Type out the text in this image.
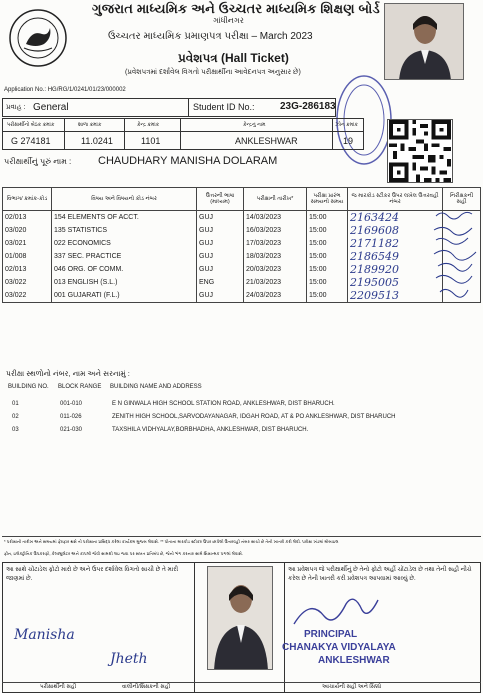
ગુજરાત માધ્યમિક અને ઉચ્ચતર માધ્યમિક શિક્ષણ બોર્ડ
ગાંધીનગર
ઉચ્ચતર માધ્યમિક પ્રમાણપત્ર પરીક્ષા – March 2023
પ્રવેશપત્ર (Hall Ticket)
(પ્રવેશપત્રમાં દર્શાવેલ વિગતો પરીક્ષાર્થીના આવેદનપત્ર અનુસાર છે)
Application No.: HG/RG/1/0241/01/23/000002
પ્રવાહ : General	Student ID No.:	23G-286183
પરીક્ષાર્થીનો બેઠક ક્રમાંક	શાળા ક્રમાંક	કેન્દ્ર ક્રમાંક	કેન્દ્રનું નામ	ઝોન ક્રમાંક
G 274181	11.0241	1101	ANKLESHWAR	19
પરીક્ષાર્થીનું પૂરું નામ : CHAUDHARY MANISHA DOLARAM
વિભાગ/ ક્રમાંક-કોડ	વિષય અને વિષયનો કોડ નંબર	ઉત્તરની ભાષા (માધ્યમ)	પરીક્ષાની તારીખ*	પરીક્ષા પ્રારંભ સમયનો સમય	જ મારકોડ સ્ટીકર ઉપર લખેલ ઉત્તરવહી નંબર	નિરીક્ષકની સહી
02/013	154 ELEMENTS OF ACCT.	GUJ	14/03/2023	15:00	2163424	
03/020	135 STATISTICS	GUJ	16/03/2023	15:00	2169608	
03/021	022 ECONOMICS	GUJ	17/03/2023	15:00	2171182	
01/008	337 SEC. PRACTICE	GUJ	18/03/2023	15:00	2186549	
02/013	046 ORG. OF COMM.	GUJ	20/03/2023	15:00	2189920	
03/022	013 ENGLISH (S.L.)	ENG	21/03/2023	15:00	2195005	
03/022	001 GUJARATI (F.L.)	GUJ	24/03/2023	15:00	2209513	
પરીક્ષા સ્થળોનો નંબર, નામ અને સરનામું :
BUILDING NO. BLOCK RANGE BUILDING NAME AND ADDRESS
01	001-010	E N GINWALA HIGH SCHOOL STATION ROAD, ANKLESHWAR, DIST BHARUCH.
02	011-026	ZENITH HIGH SCHOOL,SARVODAYANAGAR, IDGAH ROAD, AT & PO ANKLESHWAR, DIST BHARUCH
03	021-030	TAXSHILA VIDHYALAY,BORBHADHA, ANKLESHWAR, DIST BHARUCH.
* પરીક્ષાની તારીખ અને સમયમાં ફેરફાર થશે તો પરીક્ષાના પ્રસિદ્ધ કરેલા કાર્યક્રમ મુજબ લેવાશે. ** પોતાના મારકોડ સ્ટીકર ઉપર છાપેલો ઉત્તરવહી નંબર સાચો છે તેની ખાતરી કરી લેવી. પરીક્ષા ખંડમાં મોબાઇલ
ફોન, ઇલેક્ટ્રોનિક ઉપકરણો, કેલ્ક્યુલેટર અને કાપલી જેવી સામગ્રી લઇ જવા પર સખત પ્રતિબંધ છે, જેનો ભંગ કરનાર સામે શિક્ષાત્મક પગલાં લેવાશે.
આ સાથે ચોંટાડેલ ફોટો મારો છે અને ઉપર દર્શાવેલ વિગતો સાચી છે તે મારી જાણમાં છે.
આ પ્રવેશપત્ર જે પરીક્ષાર્થીનું છે તેનો ફોટો અહીં ચોંટાડેલ છે તથા તેની સહી નીચે કરેલ છે તેની ખાતરી કરી પ્રવેશપત્ર આપવામાં આવ્યું છે.
Manisha
Jheth
PRINCIPAL
CHANAKYA VIDYALAYA
ANKLESHWAR
પરીક્ષાર્થીની સહી	વાલીની/શિક્ષકની સહી	આચાર્યની સહી અને સિક્કો
